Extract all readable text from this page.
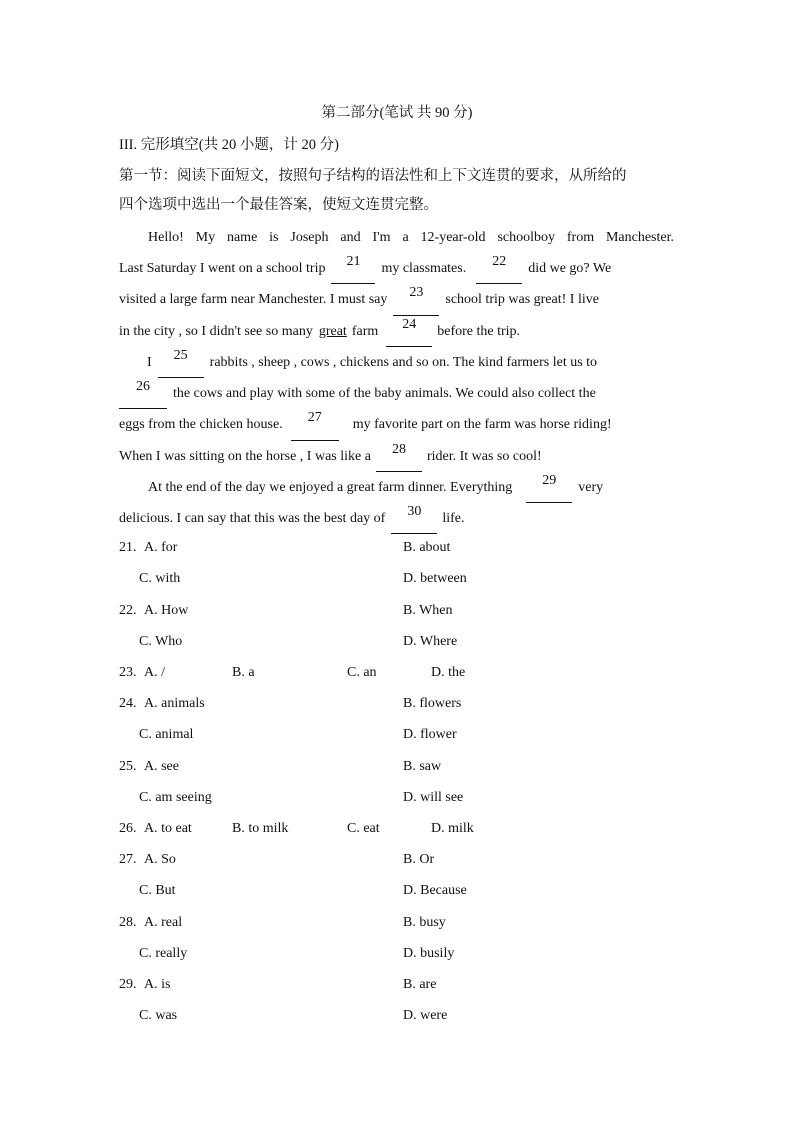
第二部分(笔试 共 90 分)
III. 完形填空(共 20 小题，计 20 分)
第一节：阅读下面短文，按照句子结构的语法性和上下文连贯的要求，从所给的
四个选项中选出一个最佳答案，使短文连贯完整。
Hello! My name is Joseph and I'm a 12-year-old schoolboy from Manchester.
Last Saturday I went on a school trip	21	my classmates.	22	did we go? We
visited a large farm near Manchester. I must say	23	school trip was great! I live
in the city , so I didn't see so many great farm	24	before the trip.
I	25	rabbits , sheep , cows , chickens and so on. The kind farmers let us to
26	the cows and play with some of the baby animals. We could also collect the
eggs from the chicken house.	27	my favorite part on the farm was horse riding!
When I was sitting on the horse , I was like a	28	rider. It was so cool!
At the end of the day we enjoyed a great farm dinner. Everything	29	very
delicious. I can say that this was the best day of	30	life.
21. A. for	B. about
C. with	D. between
22. A. How	B. When
C. Who	D. Where
23. A. /	B. a	C. an	D. the
24. A. animals	B. flowers
C. animal	D. flower
25. A. see	B. saw
C. am seeing	D. will see
26. A. to eat	B. to milk	C. eat	D. milk
27. A. So	B. Or
C. But	D. Because
28. A. real	B. busy
C. really	D. busily
29. A. is	B. are
C. was	D. were
